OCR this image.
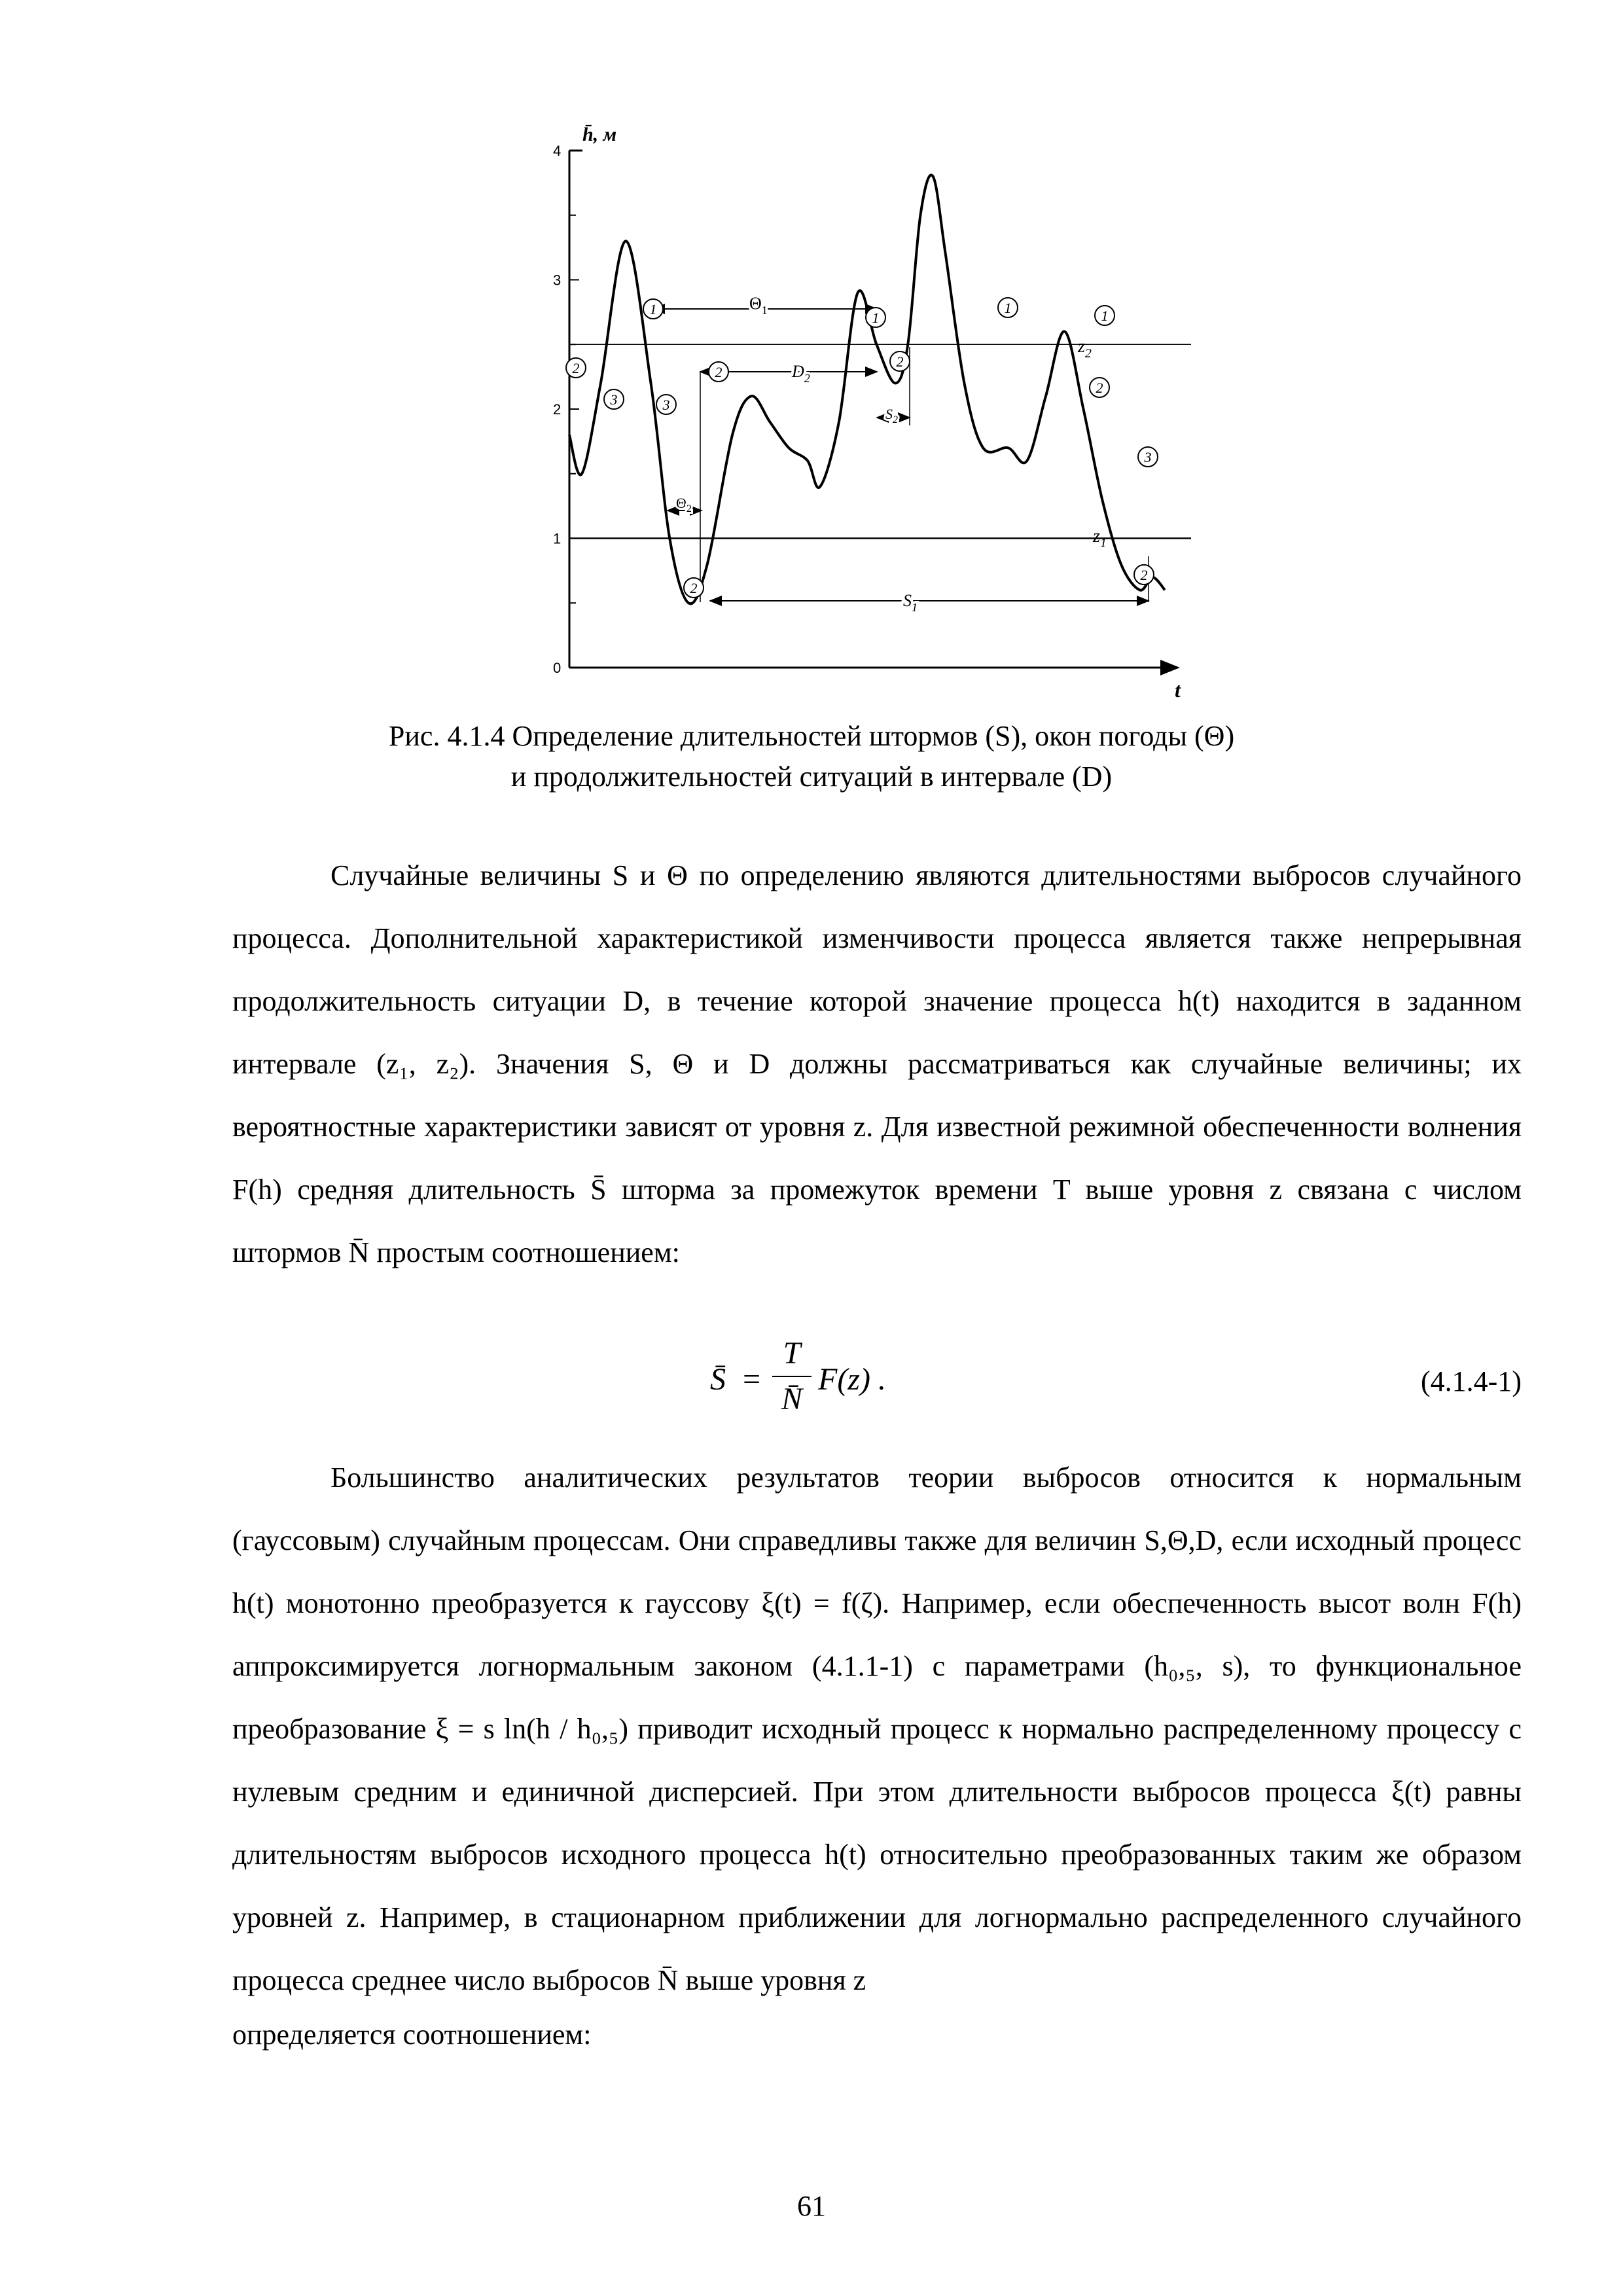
h̄, м
t
0
1
2
3
4
$z_1$
$z_2$
$\Theta_1$
$D_2$
$\Theta_2$
$S_2$
$S_1$
1
1
1	1
2	2
2
2
2
2
3	3
3
Рис. 4.1.4 Определение длительностей штормов (S), окон погоды (Θ)
и продолжительностей ситуаций в интервале (D)

Случайные величины S и Θ по определению являются длительностями выбросов случайного процесса. Дополнительной характеристикой изменчивости процесса является также непрерывная продолжительность ситуации D, в течение которой значение процесса h(t) находится в заданном интервале (z₁, z₂). Значения S, Θ и D должны рассматриваться как случайные величины; их вероятностные характеристики зависят от уровня z. Для известной режимной обеспеченности волнения F(h) средняя длительность S̄ шторма за промежуток времени T выше уровня z связана с числом штормов N̄ простым соотношением:

S̄ =
T
N̄
F(z) .	(4.1.4-1)

Большинство аналитических результатов теории выбросов относится к нормальным (гауссовым) случайным процессам. Они справедливы также для величин S,Θ,D, если исходный процесс h(t) монотонно преобразуется к гауссову ξ(t) = f(ζ). Например, если обеспеченность высот волн F(h) аппроксимируется логнормальным законом (4.1.1-1) с параметрами (h₀,₅, s), то функциональное преобразование ξ = s ln(h / h₀,₅) приводит исходный процесс к нормально распределенному процессу с нулевым средним и единичной дисперсией. При этом длительности выбросов процесса ξ(t) равны длительностям выбросов исходного процесса h(t) относительно преобразованных таким же образом уровней z. Например, в стационарном приближении для логнормально распределенного случайного процесса среднее число выбросов N̄ выше уровня z

определяется соотношением:

61
